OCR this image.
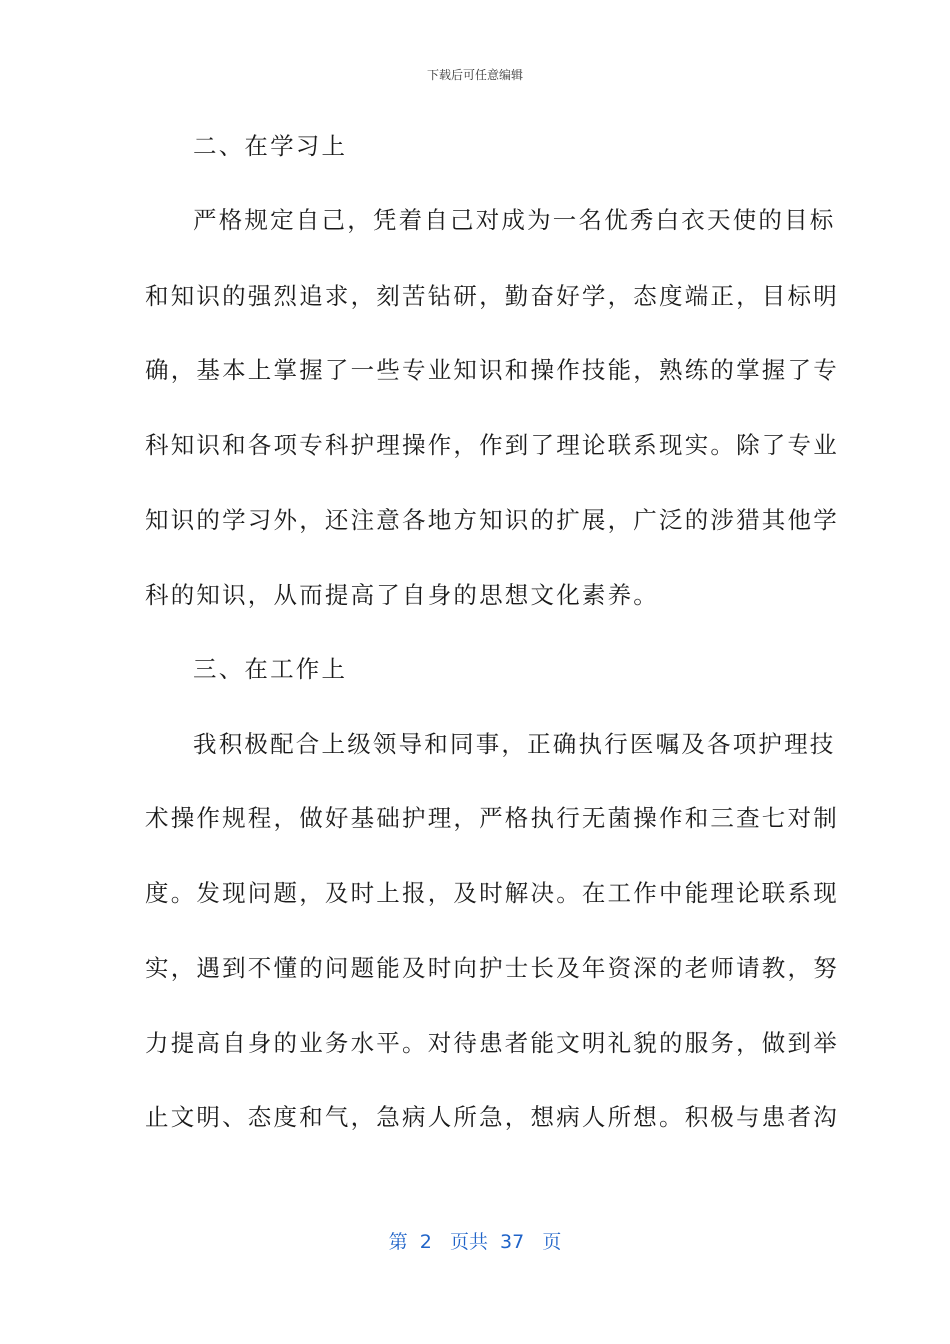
下载后可任意编辑
二、在学习上
严格规定自己，凭着自己对成为一名优秀白衣天使的目标
和知识的强烈追求，刻苦钻研，勤奋好学，态度端正，目标明
确，基本上掌握了一些专业知识和操作技能，熟练的掌握了专
科知识和各项专科护理操作，作到了理论联系现实。除了专业
知识的学习外，还注意各地方知识的扩展，广泛的涉猎其他学
科的知识，从而提高了自身的思想文化素养。
三、在工作上
我积极配合上级领导和同事，正确执行医嘱及各项护理技
术操作规程，做好基础护理，严格执行无菌操作和三查七对制
度。发现问题，及时上报，及时解决。在工作中能理论联系现
实，遇到不懂的问题能及时向护士长及年资深的老师请教，努
力提高自身的业务水平。对待患者能文明礼貌的服务，做到举
止文明、态度和气，急病人所急，想病人所想。积极与患者沟
第  2   页共  37   页
